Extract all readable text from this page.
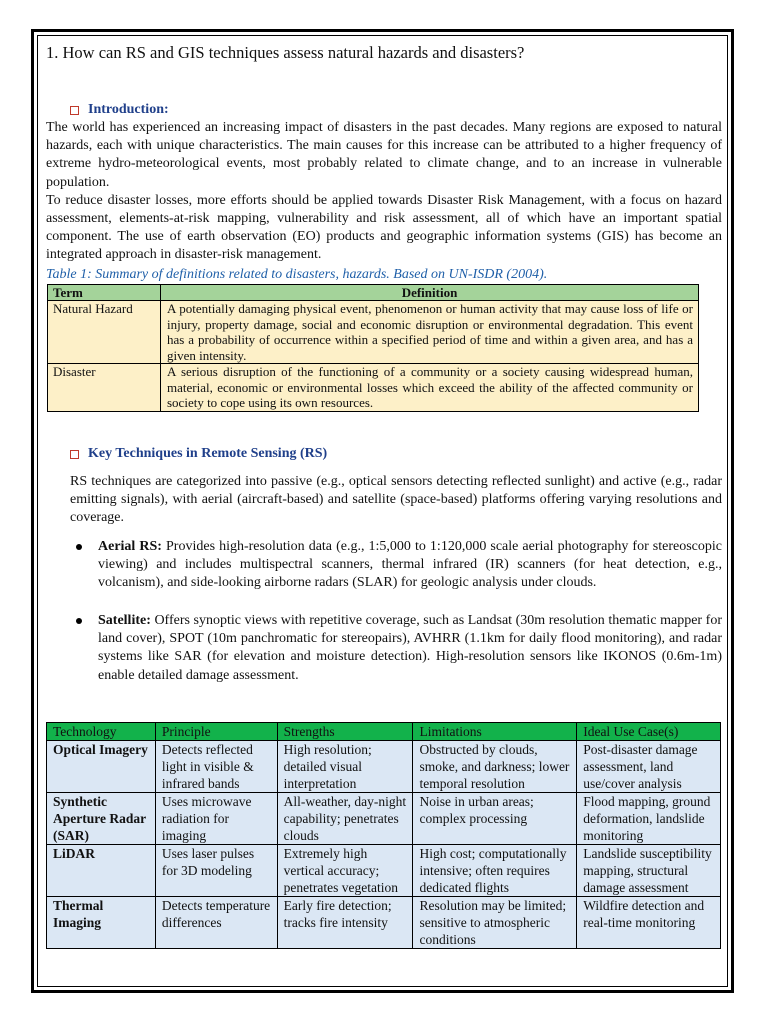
1. How can RS and GIS techniques assess natural hazards and disasters?
Introduction:

The world has experienced an increasing impact of disasters in the past decades. Many regions are exposed to natural hazards, each with unique characteristics. The main causes for this increase can be attributed to a higher frequency of extreme hydro-meteorological events, most probably related to climate change, and to an increase in vulnerable population.

To reduce disaster losses, more efforts should be applied towards Disaster Risk Management, with a focus on hazard assessment, elements-at-risk mapping, vulnerability and risk assessment, all of which have an important spatial component. The use of earth observation (EO) products and geographic information systems (GIS) has become an integrated approach in disaster-risk management.

Table 1: Summary of definitions related to disasters, hazards. Based on UN-ISDR (2004).
Term	Definition
Natural Hazard	A potentially damaging physical event, phenomenon or human activity that may cause loss of life or injury, property damage, social and economic disruption or environmental degradation. This event has a probability of occurrence within a specified period of time and within a given area, and has a given intensity.
Disaster	A serious disruption of the functioning of a community or a society causing widespread human, material, economic or environmental losses which exceed the ability of the affected community or society to cope using its own resources.
Key Techniques in Remote Sensing (RS)

RS techniques are categorized into passive (e.g., optical sensors detecting reflected sunlight) and active (e.g., radar emitting signals), with aerial (aircraft-based) and satellite (space-based) platforms offering varying resolutions and coverage.

Aerial RS: Provides high-resolution data (e.g., 1:5,000 to 1:120,000 scale aerial photography for stereoscopic viewing) and includes multispectral scanners, thermal infrared (IR) scanners (for heat detection, e.g., volcanism), and side-looking airborne radars (SLAR) for geologic analysis under clouds.

Satellite: Offers synoptic views with repetitive coverage, such as Landsat (30m resolution thematic mapper for land cover), SPOT (10m panchromatic for stereopairs), AVHRR (1.1km for daily flood monitoring), and radar systems like SAR (for elevation and moisture detection). High-resolution sensors like IKONOS (0.6m-1m) enable detailed damage assessment.

Technology	Principle	Strengths	Limitations	Ideal Use Case(s)
Optical Imagery	Detects reflected light in visible & infrared bands	High resolution; detailed visual interpretation	Obstructed by clouds, smoke, and darkness; lower temporal resolution	Post-disaster damage assessment, land use/cover analysis
Synthetic Aperture Radar (SAR)	Uses microwave radiation for imaging	All-weather, day-night capability; penetrates clouds	Noise in urban areas; complex processing	Flood mapping, ground deformation, landslide monitoring
LiDAR	Uses laser pulses for 3D modeling	Extremely high vertical accuracy; penetrates vegetation	High cost; computationally intensive; often requires dedicated flights	Landslide susceptibility mapping, structural damage assessment
Thermal Imaging	Detects temperature differences	Early fire detection; tracks fire intensity	Resolution may be limited; sensitive to atmospheric conditions	Wildfire detection and real-time monitoring
